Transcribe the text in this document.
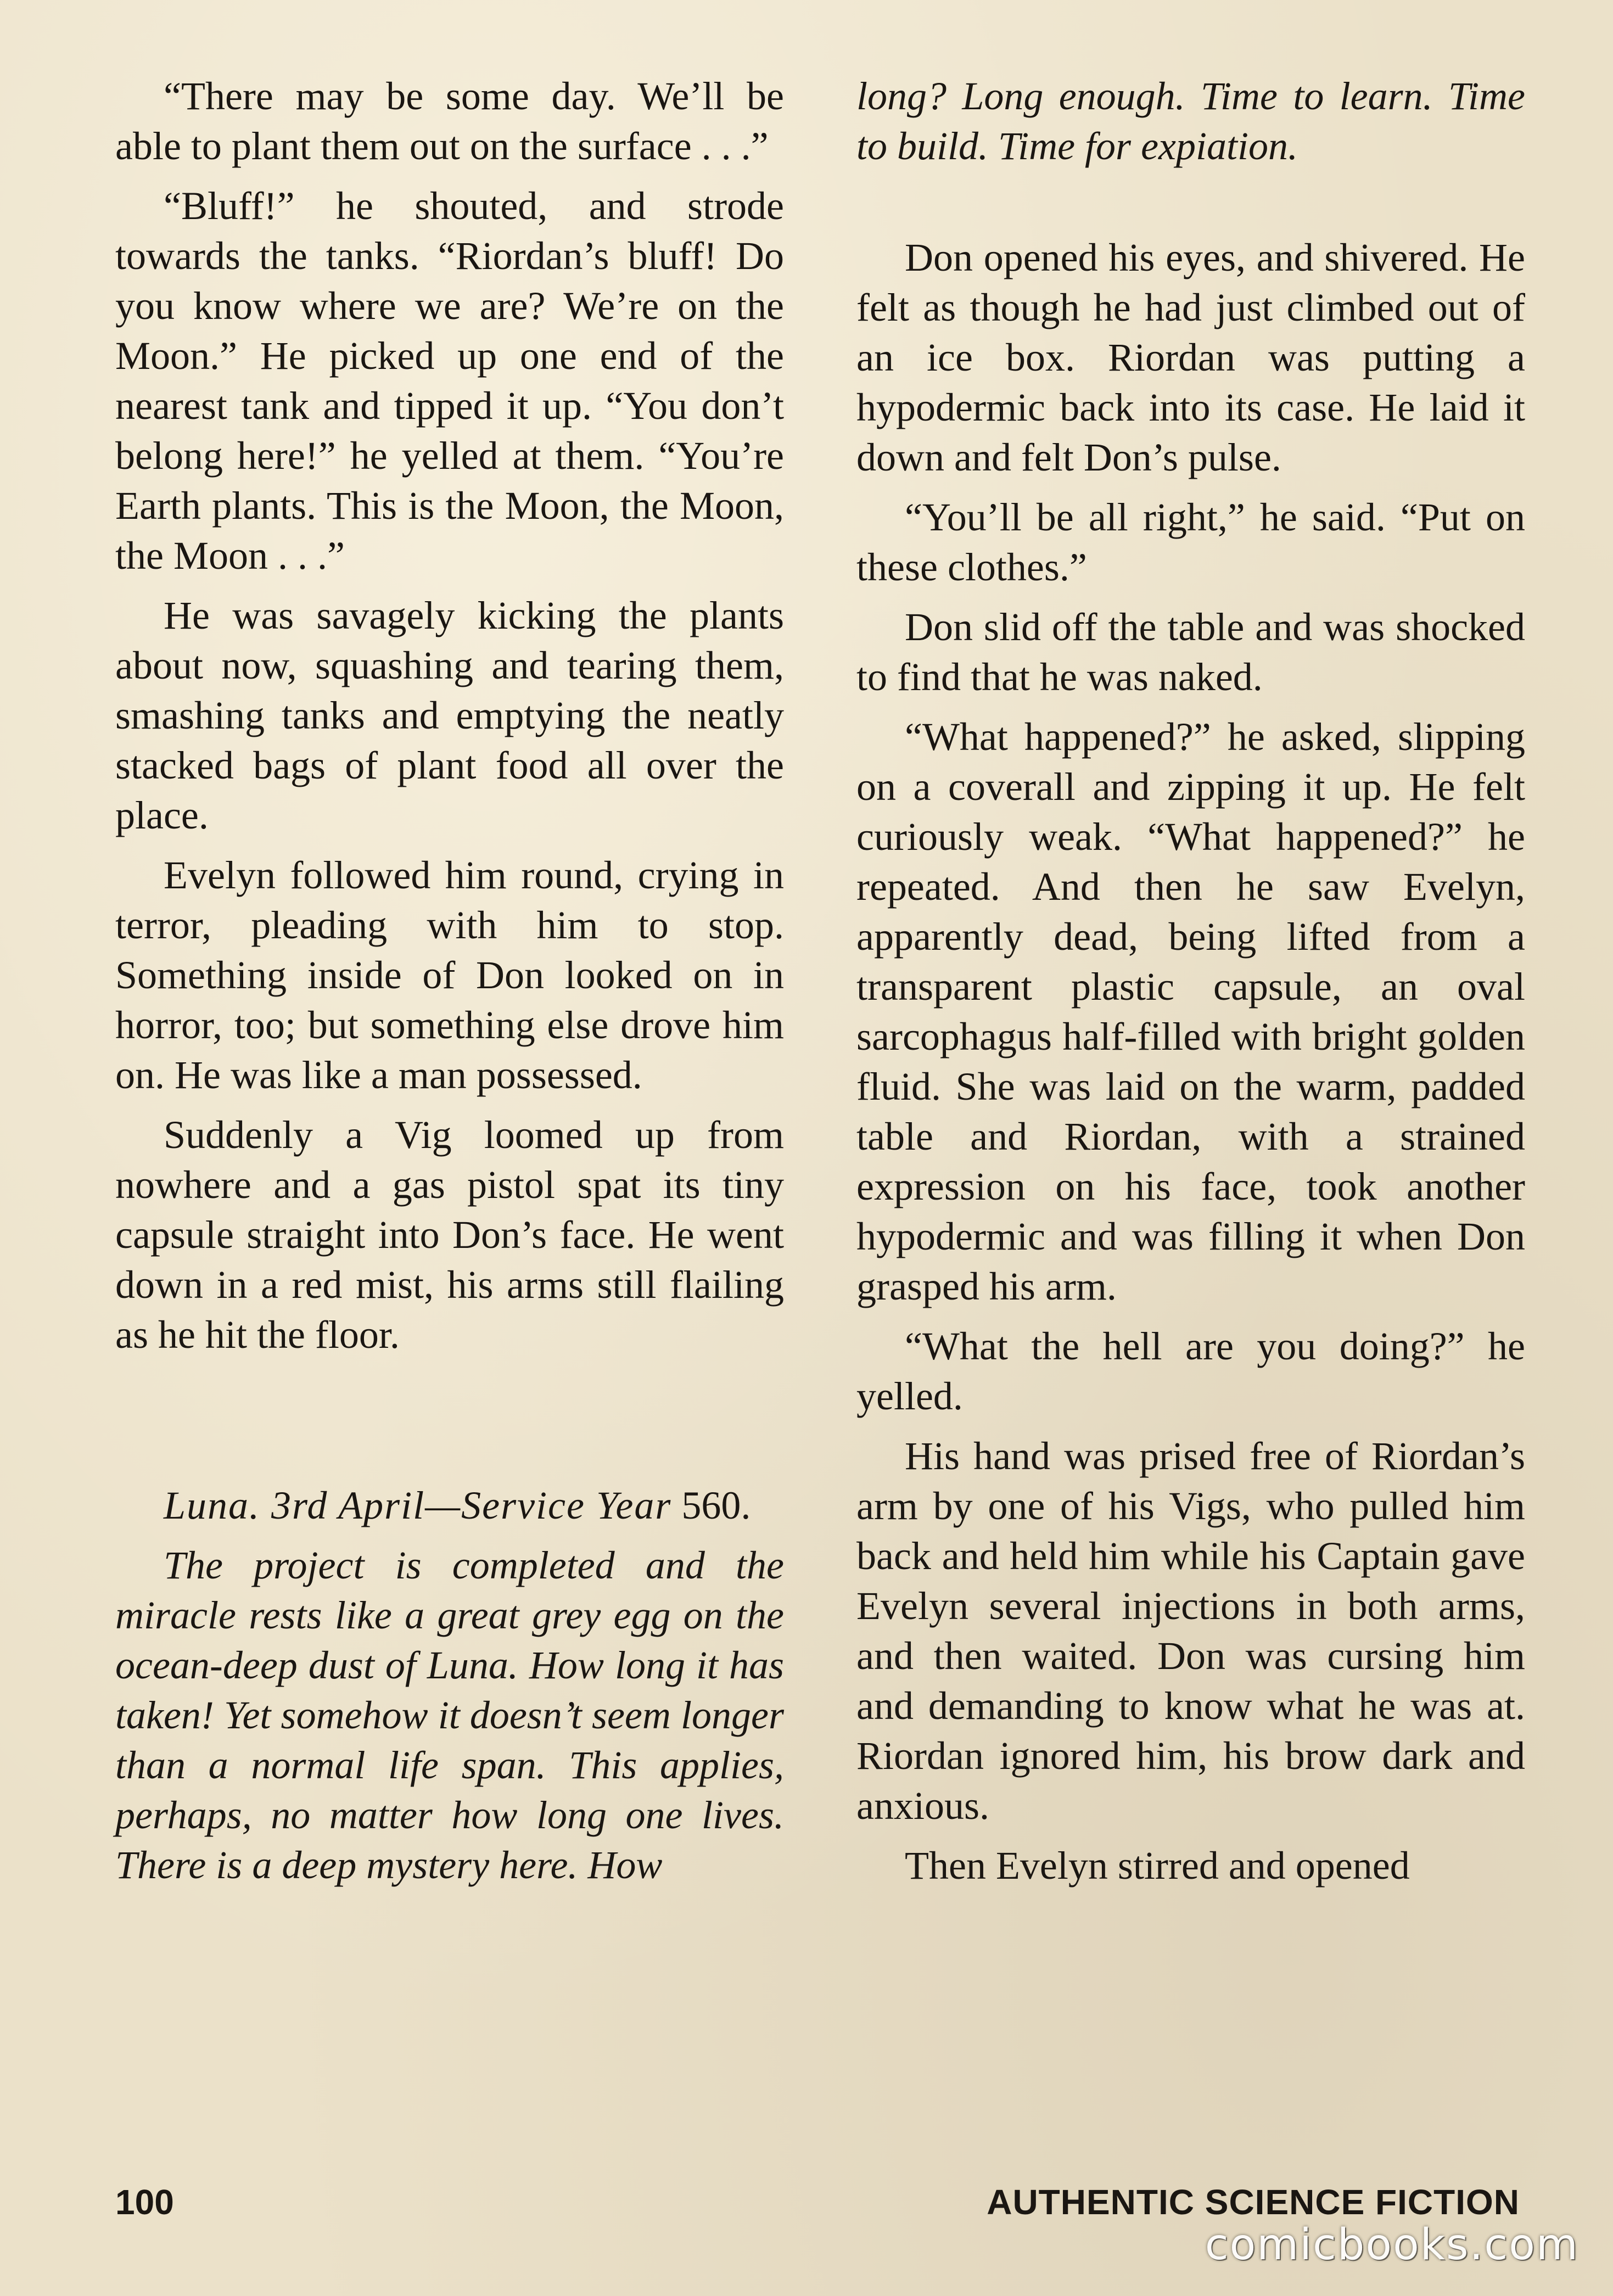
“There may be some day. We’ll be able to plant them out on the surface . . .”

“Bluff!” he shouted, and strode towards the tanks. “Riordan’s bluff! Do you know where we are? We’re on the Moon.” He picked up one end of the nearest tank and tipped it up. “You don’t belong here!” he yelled at them. “You’re Earth plants. This is the Moon, the Moon, the Moon . . .”

He was savagely kicking the plants about now, squashing and tearing them, smashing tanks and emptying the neatly stacked bags of plant food all over the place.

Evelyn followed him round, crying in terror, pleading with him to stop. Something inside of Don looked on in horror, too; but something else drove him on. He was like a man possessed.

Suddenly a Vig loomed up from nowhere and a gas pistol spat its tiny capsule straight into Don’s face. He went down in a red mist, his arms still flailing as he hit the floor.

Luna. 3rd April—Service Year 560.

The project is completed and the miracle rests like a great grey egg on the ocean-deep dust of Luna. How long it has taken! Yet somehow it doesn’t seem longer than a normal life span. This applies, perhaps, no matter how long one lives. There is a deep mystery here. How

long? Long enough. Time to learn. Time to build. Time for expiation.

Don opened his eyes, and shivered. He felt as though he had just climbed out of an ice box. Riordan was putting a hypodermic back into its case. He laid it down and felt Don’s pulse.

“You’ll be all right,” he said. “Put on these clothes.”

Don slid off the table and was shocked to find that he was naked.

“What happened?” he asked, slipping on a coverall and zipping it up. He felt curiously weak. “What happened?” he repeated. And then he saw Evelyn, apparently dead, being lifted from a transparent plastic capsule, an oval sarcophagus half-filled with bright golden fluid. She was laid on the warm, padded table and Riordan, with a strained expression on his face, took another hypodermic and was filling it when Don grasped his arm.

“What the hell are you doing?” he yelled.

His hand was prised free of Riordan’s arm by one of his Vigs, who pulled him back and held him while his Captain gave Evelyn several injections in both arms, and then waited. Don was cursing him and demanding to know what he was at. Riordan ignored him, his brow dark and anxious.

Then Evelyn stirred and opened

100	AUTHENTIC SCIENCE FICTION
comicbooks.com
